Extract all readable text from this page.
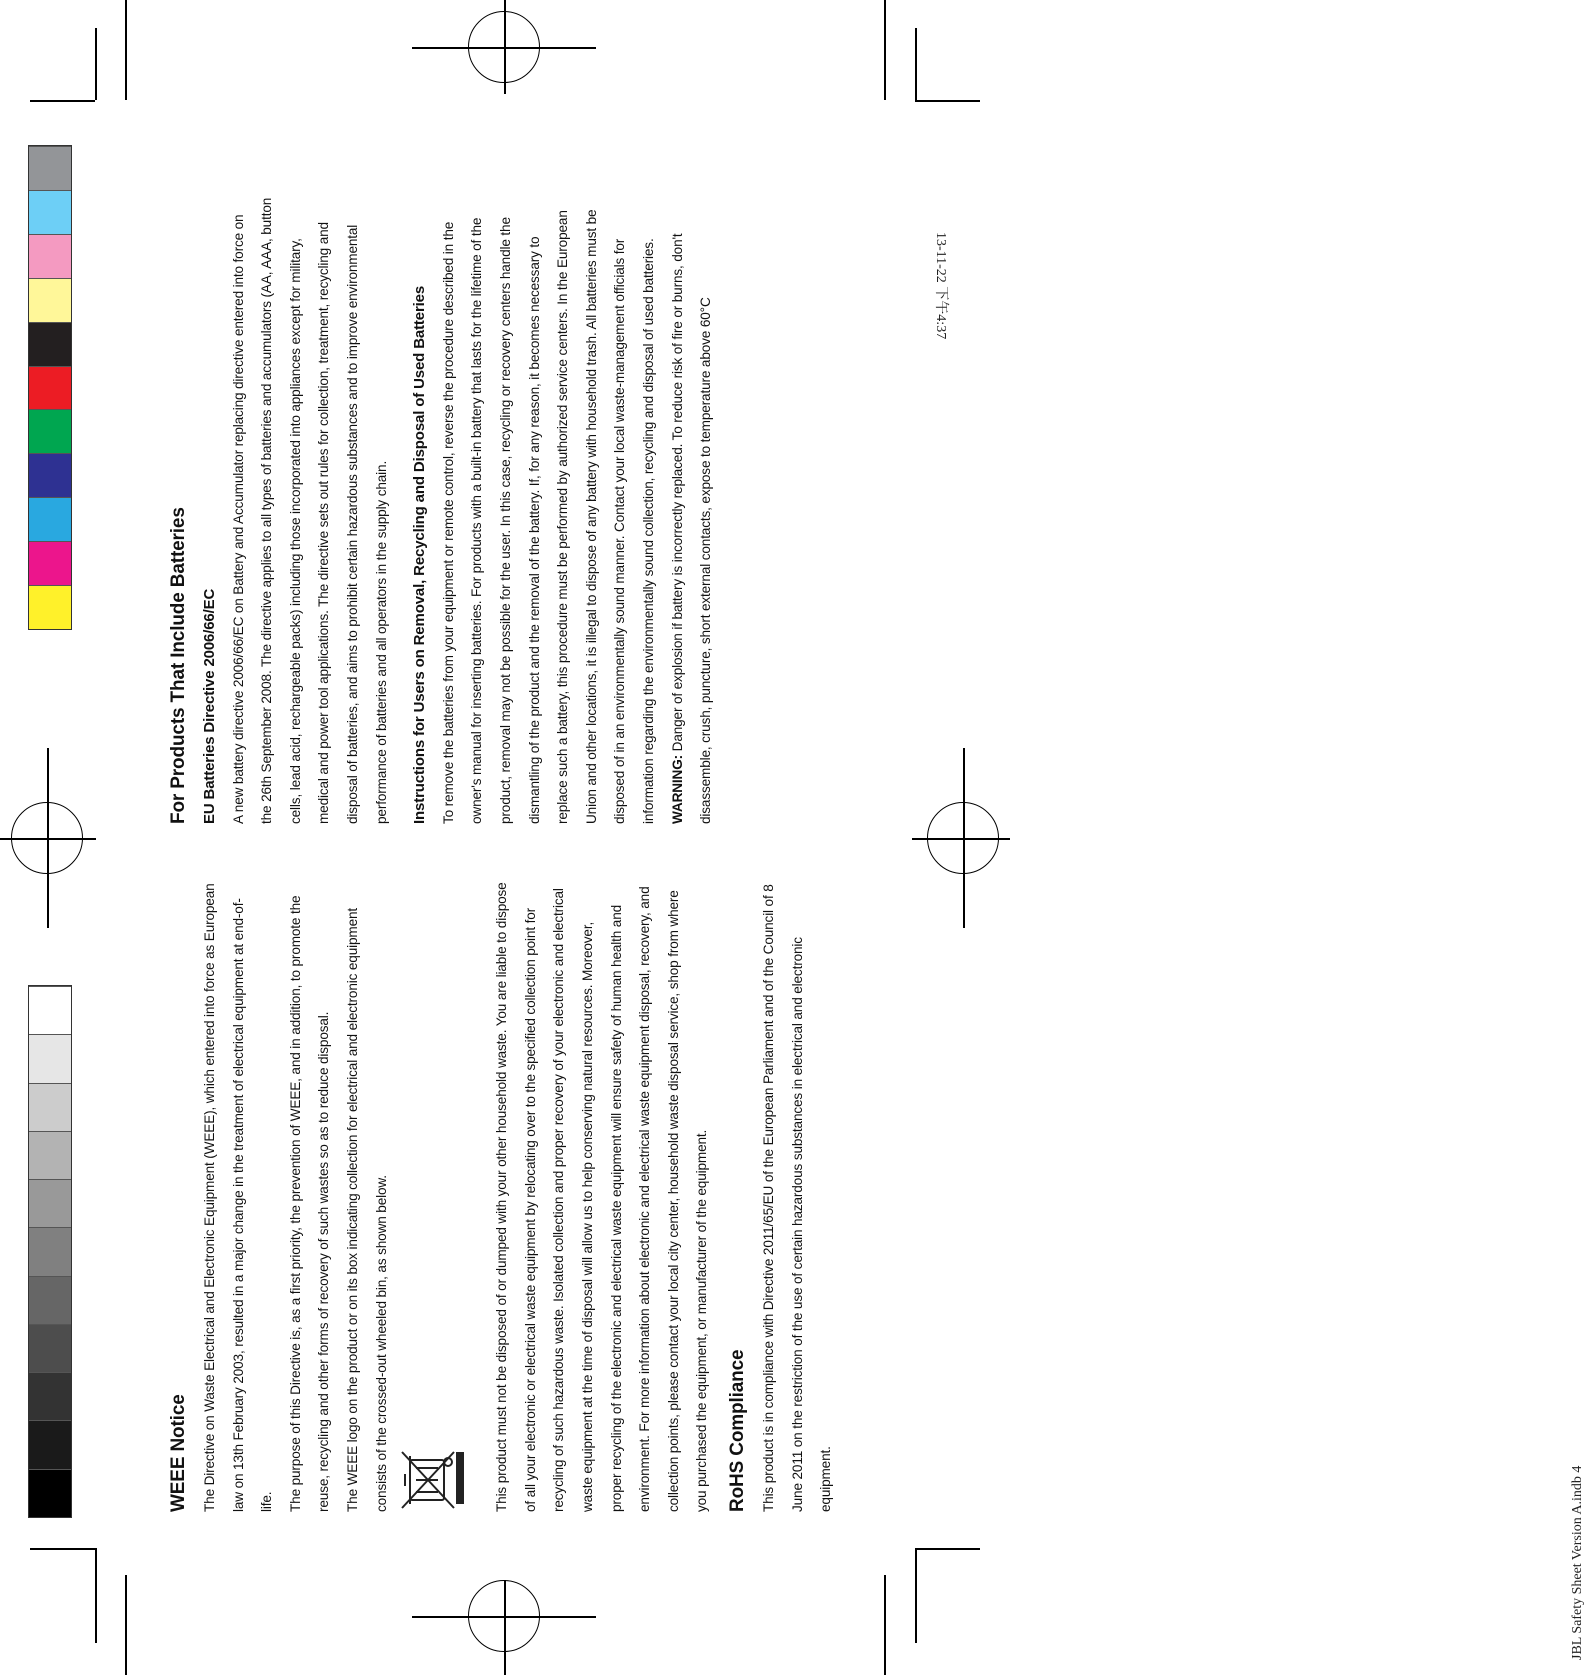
WEEE Notice The Directive on Waste Electrical and Electronic Equipment (WEEE), which entered into force as European law on 13th February 2003, resulted in a major change in the treatment of electrical equipment at end-of-life. The purpose of this Directive is, as a first priority, the prevention of WEEE, and in addition, to promote the reuse, recycling and other forms of recovery of such wastes so as to reduce disposal. The WEEE logo on the product or on its box indicating collection for electrical and electronic equipment consists of the crossed-out wheeled bin, as shown below.	This product must not be disposed of or dumped with your other household waste. You are liable to dispose of all your electronic or electrical waste equipment by relocating over to the specified collection point for recycling of such hazardous waste. Isolated collection and proper recovery of your electronic and electrical waste equipment at the time of disposal will allow us to help conserving natural resources. Moreover, proper recycling of the electronic and electrical waste equipment will ensure safety of human health and environment. For more information about electronic and electrical waste equipment disposal, recovery, and collection points, please contact your local city center, household waste disposal service, shop from where you purchased the equipment, or manufacturer of the equipment. RoHS Compliance This product is in compliance with Directive 2011/65/EU of the European Parliament and of the Council of 8 June 2011 on the restriction of the use of certain hazardous substances in electrical and electronic equipment.

For Products That Include Batteries EU Batteries Directive 2006/66/EC A new battery directive 2006/66/EC on Battery and Accumulator replacing directive entered into force on the 26th September 2008. The directive applies to all types of batteries and accumulators (AA, AAA, button cells, lead acid, rechargeable packs) including those incorporated into appliances except for military, medical and power tool applications. The directive sets out rules for collection, treatment, recycling and disposal of batteries, and aims to prohibit certain hazardous substances and to improve environmental performance of batteries and all operators in the supply chain.	Instructions for Users on Removal, Recycling and Disposal of Used Batteries To remove the batteries from your equipment or remote control, reverse the procedure described in the owner's manual for inserting batteries. For products with a built-in battery that lasts for the lifetime of the product, removal may not be possible for the user. In this case, recycling or recovery centers handle the dismantling of the product and the removal of the battery. If, for any reason, it becomes necessary to replace such a battery, this procedure must be performed by authorized service centers. In the European Union and other locations, it is illegal to dispose of any battery with household trash. All batteries must be disposed of in an environmentally sound manner. Contact your local waste-management officials for information regarding the environmentally sound collection, recycling and disposal of used batteries. WARNING: Danger of explosion if battery is incorrectly replaced. To reduce risk of fire or burns, don't disassemble, crush, puncture, short external contacts, expose to temperature above 60°C

JBL Safety Sheet Version A.indb 4
13-11-22 下午4:37
